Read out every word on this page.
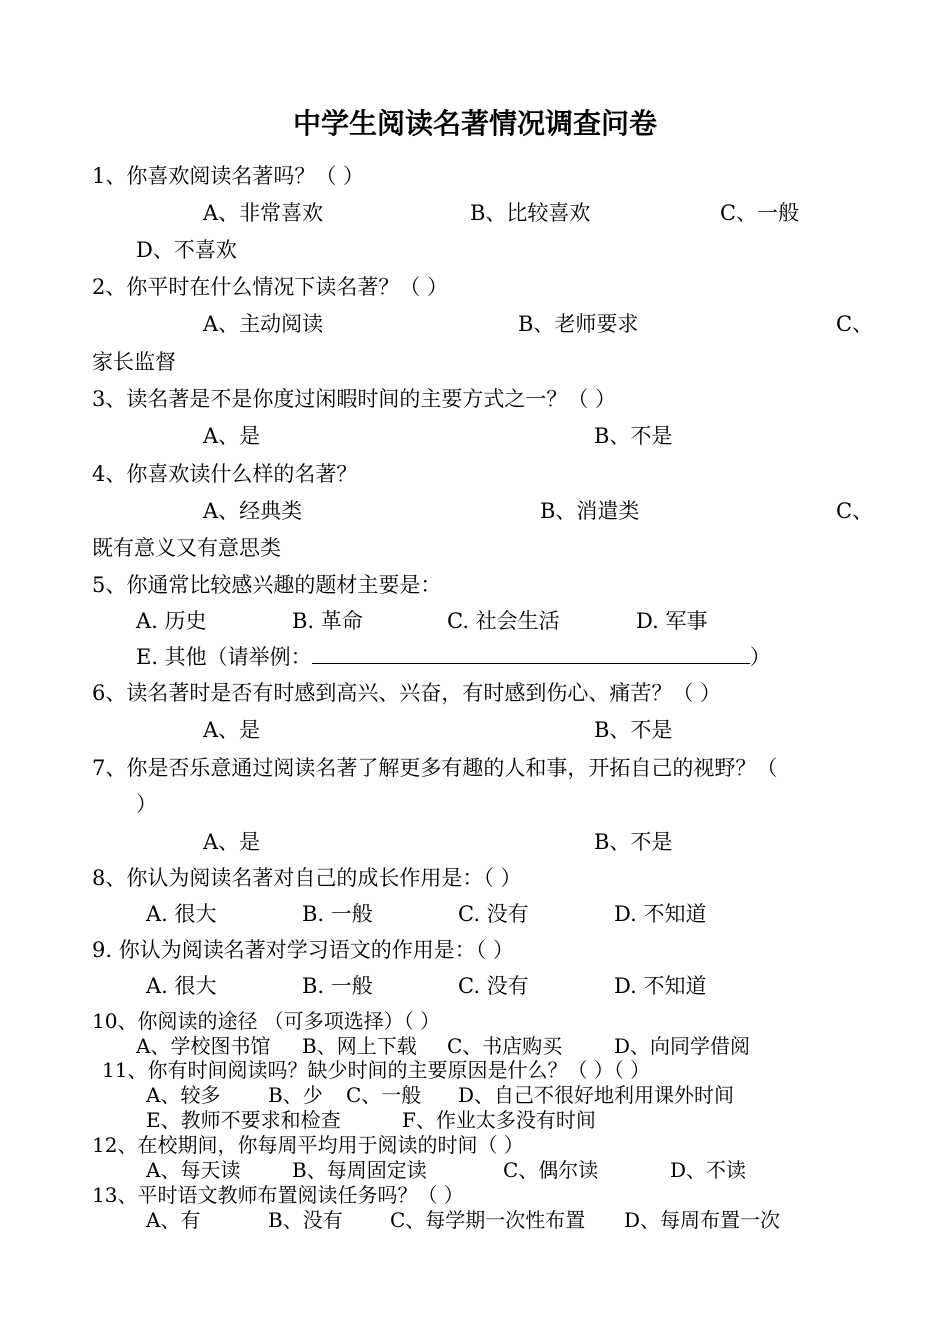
中学生阅读名著情况调查问卷
1、你喜欢阅读名著吗？（ ）
A、非常喜欢	B、比较喜欢	C、一般
D、不喜欢
2、你平时在什么情况下读名著？（ ）
A、主动阅读	B、老师要求	C、
家长监督
3、读名著是不是你度过闲暇时间的主要方式之一？（ ）
A、是	B、不是
4、你喜欢读什么样的名著？
A、经典类	B、消遣类	C、
既有意义又有意思类
5、你通常比较感兴趣的题材主要是：
A. 历史	B. 革命	C. 社会生活	D. 军事
E. 其他（请举例：	）
6、读名著时是否有时感到高兴、兴奋，有时感到伤心、痛苦？（ ）
A、是	B、不是
7、你是否乐意通过阅读名著了解更多有趣的人和事，开拓自己的视野？（
）
A、是	B、不是
8、你认为阅读名著对自己的成长作用是：（ ）
A. 很大	B. 一般	C. 没有	D. 不知道
9. 你认为阅读名著对学习语文的作用是：（ ）
A. 很大	B. 一般	C. 没有	D. 不知道
10、你阅读的途径 （可多项选择）（ ）
A、学校图书馆 B、网上下载 C、书店购买	D、向同学借阅
11、你有时间阅读吗？缺少时间的主要原因是什么？（ ）（ ）
A、较多 B、少 C、一般 D、自己不很好地利用课外时间
E、教师不要求和检查	F、作业太多没有时间
12、在校期间，你每周平均用于阅读的时间（ ）
A、每天读	B、每周固定读	C、偶尔读	D、不读
13、平时语文教师布置阅读任务吗？（ ）
A、有	B、没有 C、每学期一次性布置 D、每周布置一次
